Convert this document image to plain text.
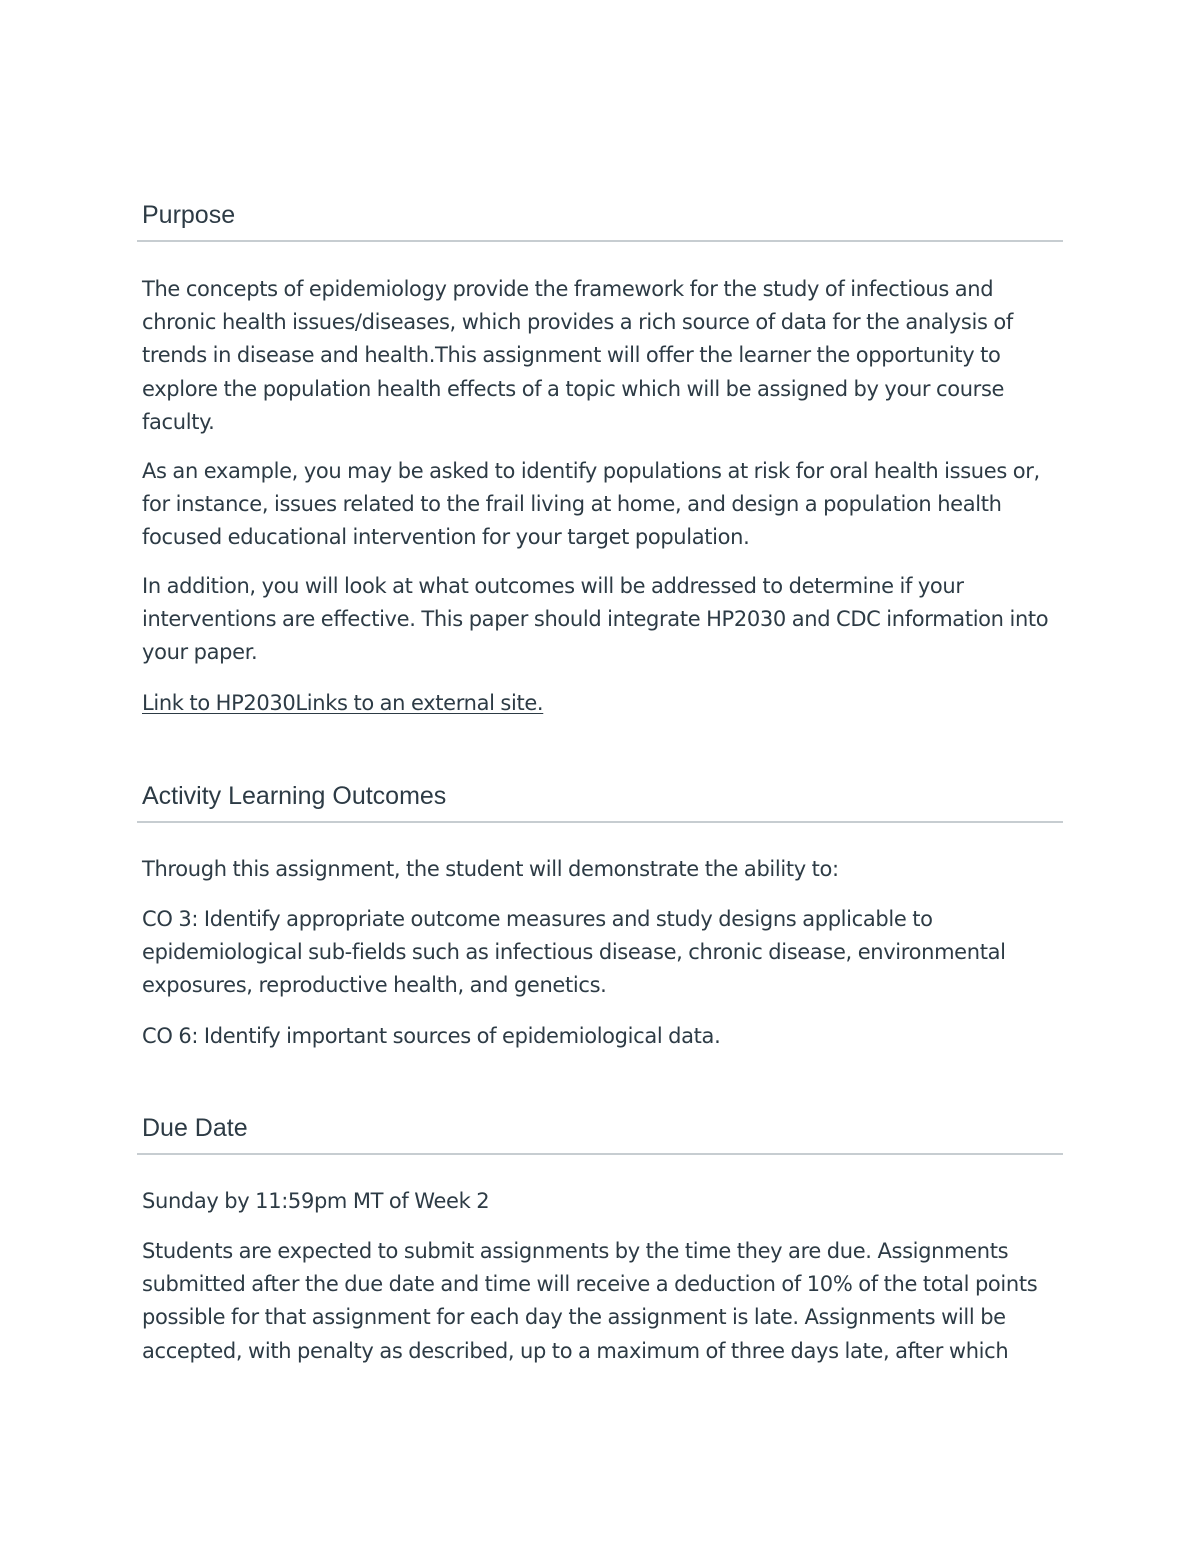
Purpose

The concepts of epidemiology provide the framework for the study of infectious and chronic health issues/diseases, which provides a rich source of data for the analysis of trends in disease and health.This assignment will offer the learner the opportunity to explore the population health effects of a topic which will be assigned by your course faculty.

As an example, you may be asked to identify populations at risk for oral health issues or, for instance, issues related to the frail living at home, and design a population health focused educational intervention for your target population.

In addition, you will look at what outcomes will be addressed to determine if your interventions are effective. This paper should integrate HP2030 and CDC information into your paper.

Link to HP2030Links to an external site.

Activity Learning Outcomes

Through this assignment, the student will demonstrate the ability to:

CO 3: Identify appropriate outcome measures and study designs applicable to epidemiological sub-fields such as infectious disease, chronic disease, environmental exposures, reproductive health, and genetics.

CO 6: Identify important sources of epidemiological data.

Due Date

Sunday by 11:59pm MT of Week 2

Students are expected to submit assignments by the time they are due. Assignments submitted after the due date and time will receive a deduction of 10% of the total points possible for that assignment for each day the assignment is late. Assignments will be accepted, with penalty as described, up to a maximum of three days late, after which
